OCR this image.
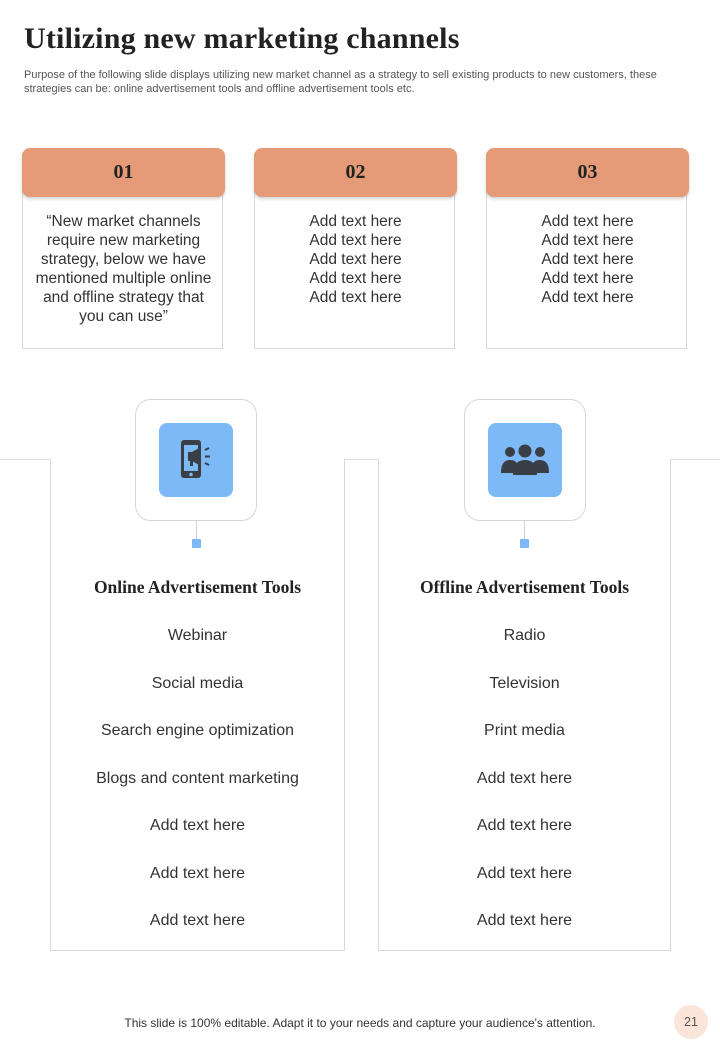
Utilizing new marketing channels

Purpose of the following slide displays utilizing new market channel as a strategy to sell existing products to new customers, these strategies can be: online advertisement tools and offline advertisement tools etc.

01
“New market channels
require new marketing
strategy, below we have
mentioned multiple online
and offline strategy that
you can use”
02
Add text here
Add text here
Add text here
Add text here
Add text here
03
Add text here
Add text here
Add text here
Add text here
Add text here
Online Advertisement Tools
Webinar
Social media
Search engine optimization
Blogs and content marketing
Add text here
Add text here
Add text here
Offline Advertisement Tools
Radio
Television
Print media
Add text here
Add text here
Add text here
Add text here
This slide is 100% editable. Adapt it to your needs and capture your audience's attention.	21
